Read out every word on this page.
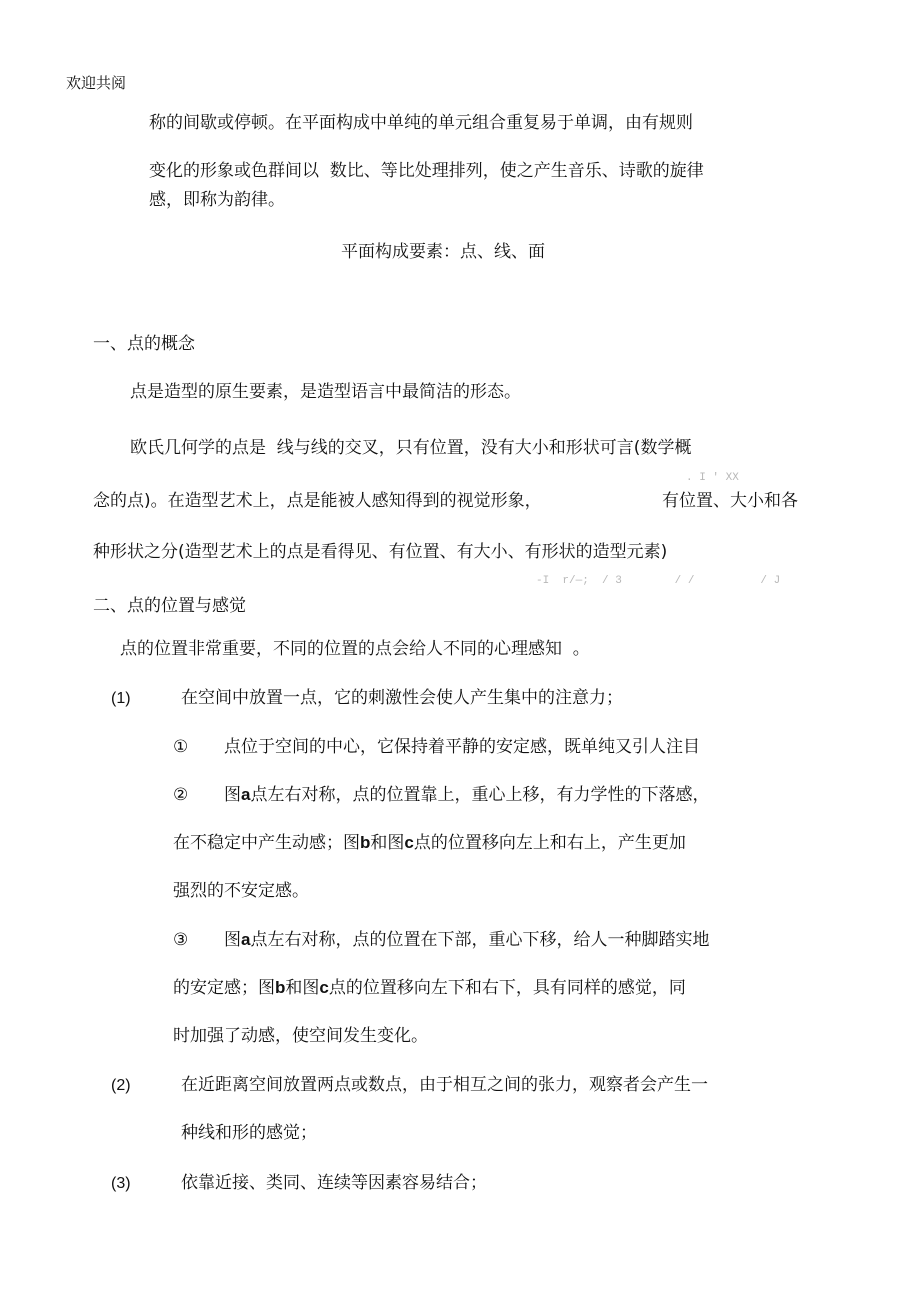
欢迎共阅
称的间歇或停顿。在平面构成中单纯的单元组合重复易于单调，由有规则
变化的形象或色群间以  数比、等比处理排列，使之产生音乐、诗歌的旋律
感，即称为韵律。
平面构成要素：点、线、面
一、点的概念
点是造型的原生要素，是造型语言中最简洁的形态。
欧氏几何学的点是  线与线的交叉，只有位置，没有大小和形状可言(数学概
. I ' XX
念的点)。在造型艺术上，点是能被人感知得到的视觉形象，	有位置、大小和各
种形状之分(造型艺术上的点是看得见、有位置、有大小、有形状的造型元素)
-I  r/—;  / 3        / /          / J
二、点的位置与感觉
点的位置非常重要，不同的位置的点会给人不同的心理感知  。
(1)	在空间中放置一点，它的刺激性会使人产生集中的注意力；
① 点位于空间的中心，它保持着平静的安定感，既单纯又引人注目
② 图a点左右对称，点的位置靠上，重心上移，有力学性的下落感，
在不稳定中产生动感；图b和图c点的位置移向左上和右上，产生更加
强烈的不安定感。
③ 图a点左右对称，点的位置在下部，重心下移，给人一种脚踏实地
的安定感；图b和图c点的位置移向左下和右下，具有同样的感觉，同
时加强了动感，使空间发生变化。
(2)	在近距离空间放置两点或数点，由于相互之间的张力，观察者会产生一
种线和形的感觉；
(3)	依靠近接、类同、连续等因素容易结合；
